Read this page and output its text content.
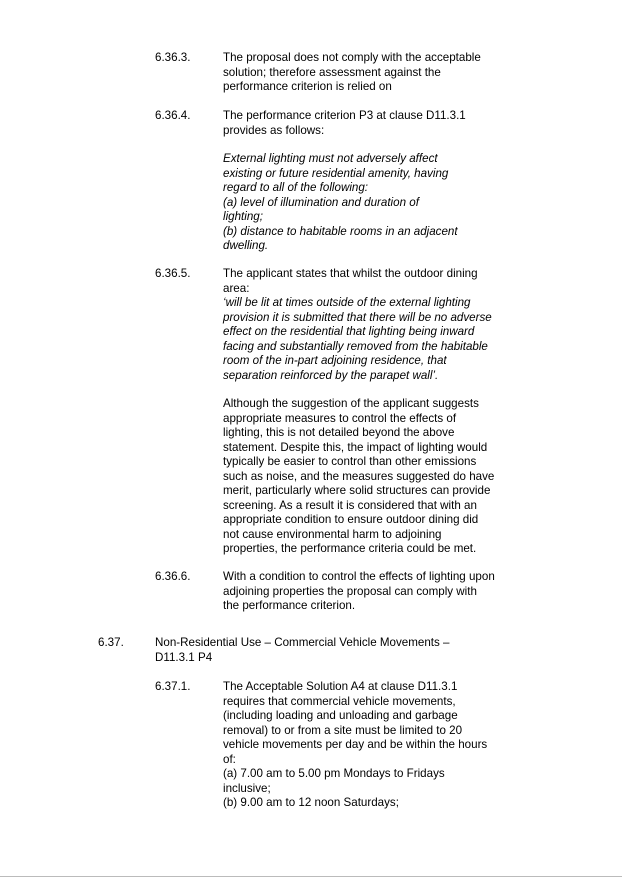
6.36.3.	The proposal does not comply with the acceptable

solution; therefore assessment against the

performance criterion is relied on

6.36.4.	The performance criterion P3 at clause D11.3.1

provides as follows:

External lighting must not adversely affect

existing or future residential amenity, having

regard to all of the following:

(a) level of illumination and duration of

lighting;

(b) distance to habitable rooms in an adjacent

dwelling.

6.36.5.	The applicant states that whilst the outdoor dining

area:

‘will be lit at times outside of the external lighting

provision it is submitted that there will be no adverse

effect on the residential that lighting being inward

facing and substantially removed from the habitable

room of the in-part adjoining residence, that

separation reinforced by the parapet wall’.

Although the suggestion of the applicant suggests

appropriate measures to control the effects of

lighting, this is not detailed beyond the above

statement. Despite this, the impact of lighting would

typically be easier to control than other emissions

such as noise, and the measures suggested do have

merit, particularly where solid structures can provide

screening. As a result it is considered that with an

appropriate condition to ensure outdoor dining did

not cause environmental harm to adjoining

properties, the performance criteria could be met.

6.36.6.	With a condition to control the effects of lighting upon

adjoining properties the proposal can comply with

the performance criterion.

6.37.	Non-Residential Use – Commercial Vehicle Movements –

D11.3.1 P4

6.37.1.	The Acceptable Solution A4 at clause D11.3.1

requires that commercial vehicle movements,

(including loading and unloading and garbage

removal) to or from a site must be limited to 20

vehicle movements per day and be within the hours

of:

(a) 7.00 am to 5.00 pm Mondays to Fridays

inclusive;

(b) 9.00 am to 12 noon Saturdays;
